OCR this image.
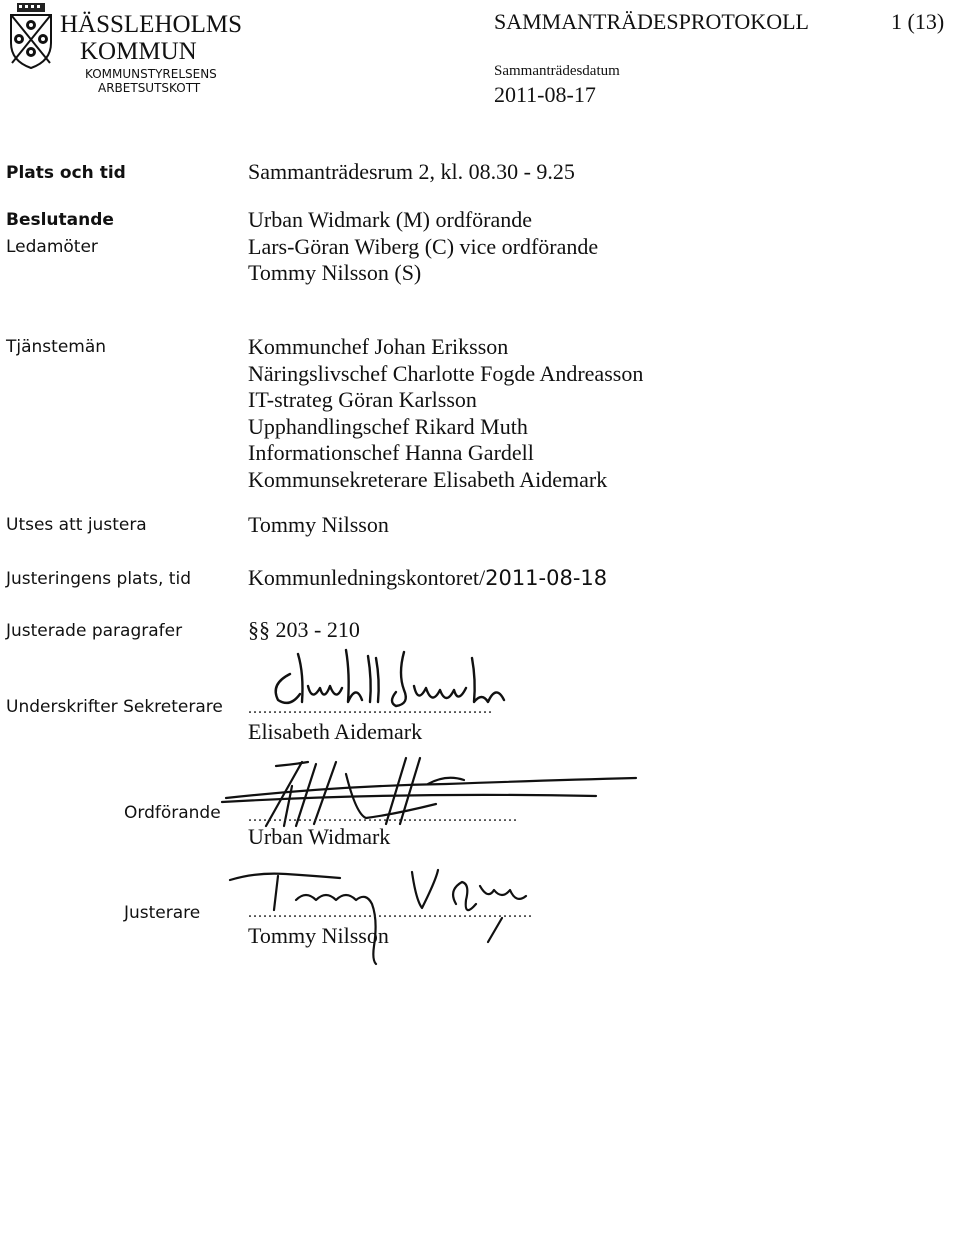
HÄSSLEHOLMS
KOMMUN
KOMMUNSTYRELSENS
ARBETSUTSKOTT
SAMMANTRÄDESPROTOKOLL	1 (13)
Sammanträdesdatum
2011-08-17
Plats och tid	Sammanträdesrum 2, kl. 08.30 - 9.25
Beslutande
Ledamöter
Urban Widmark (M) ordförande
Lars-Göran Wiberg (C) vice ordförande
Tommy Nilsson (S)
Tjänstemän	Kommunchef Johan Eriksson
Näringslivschef Charlotte Fogde Andreasson
IT-strateg Göran Karlsson
Upphandlingschef Rikard Muth
Informationschef Hanna Gardell
Kommunsekreterare Elisabeth Aidemark
Utses att justera	Tommy Nilsson
Justeringens plats, tid	Kommunledningskontoret/2011-08-18
Justerade paragrafer	§§ 203 - 210
Underskrifter Sekreterare .................................................
Elisabeth Aidemark
Ordförande ......................................................
Urban Widmark
Justerare	.........................................................
Tommy Nilsson
